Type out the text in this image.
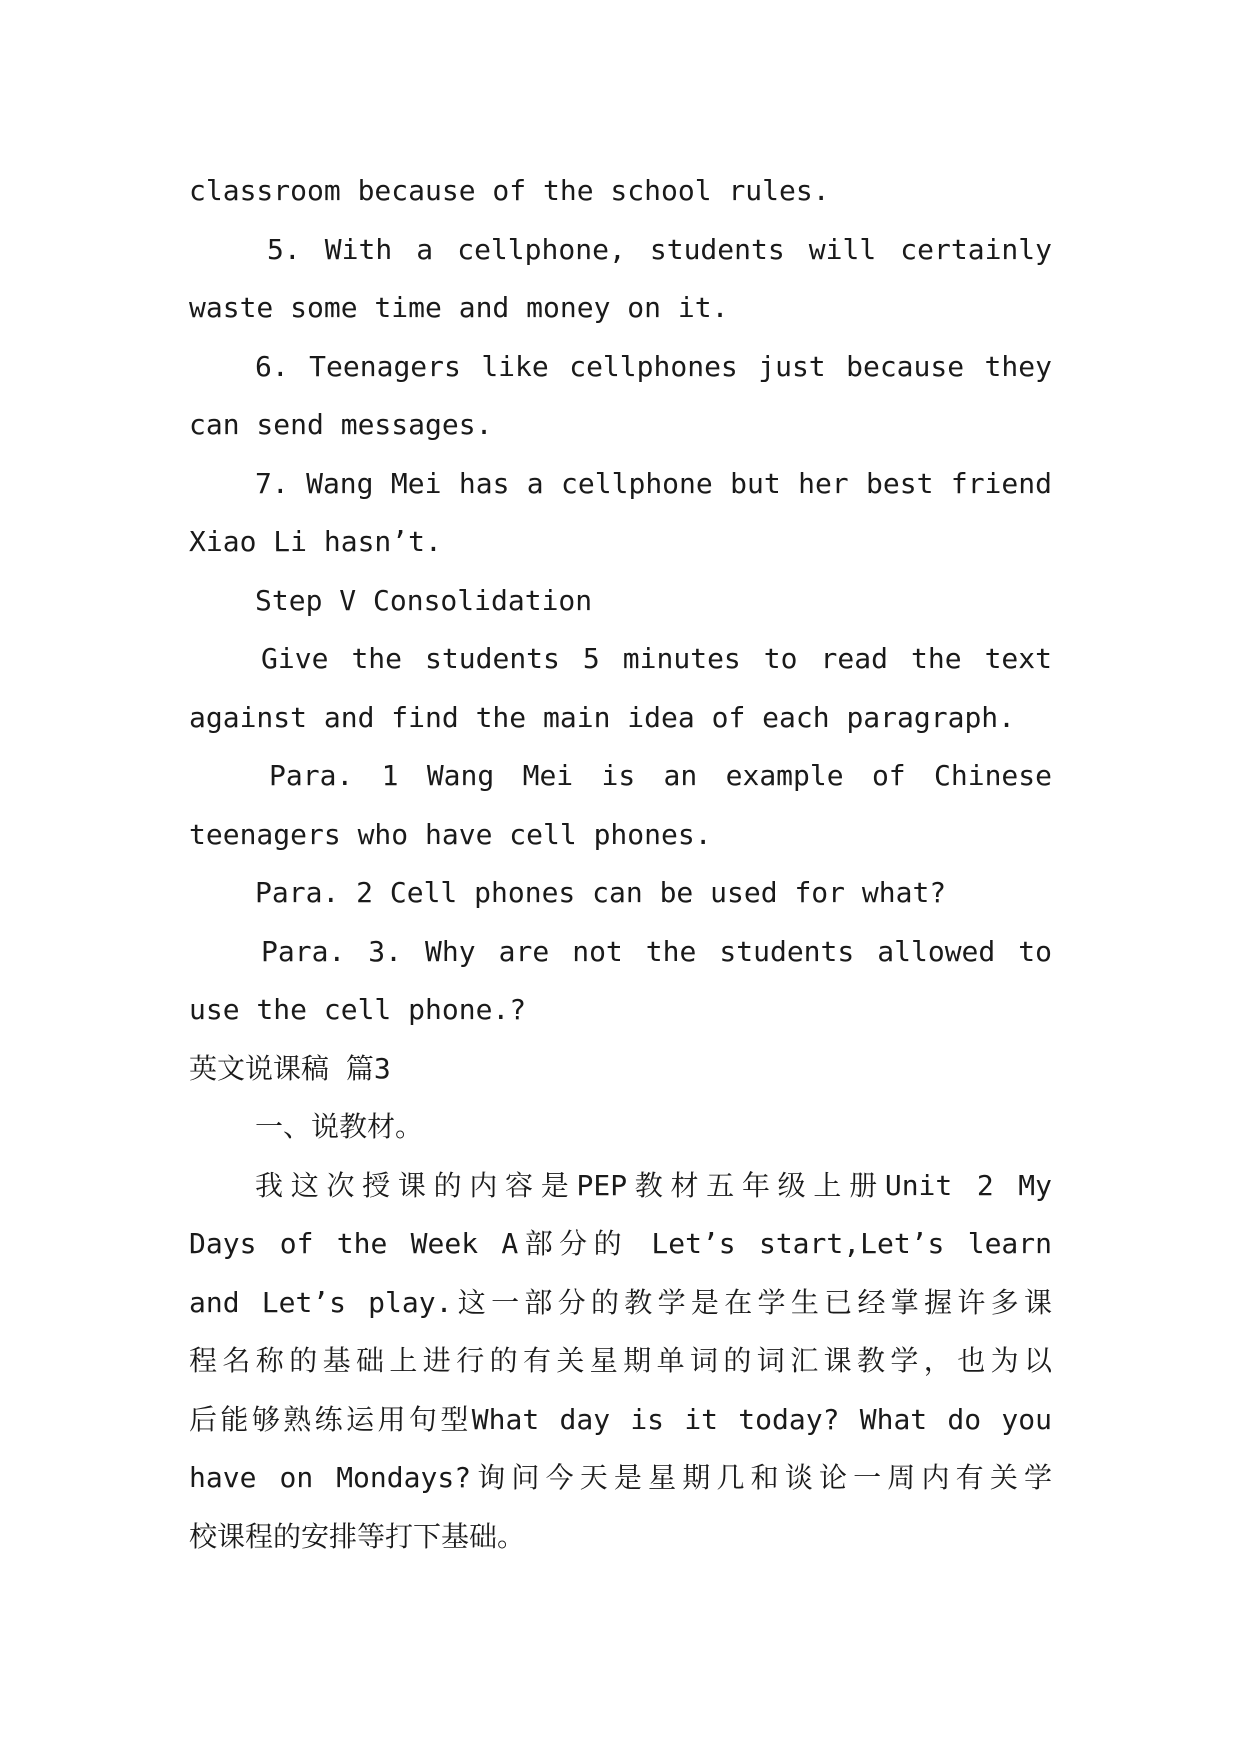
classroom because of the school rules.
5. With a cellphone, students will certainly
waste some time and money on it.
6. Teenagers like cellphones just because they
can send messages.
7. Wang Mei has a cellphone but her best friend
Xiao Li hasn’t.
Step V Consolidation
Give the students 5 minutes to read the text
against and find the main idea of each paragraph.
Para. 1 Wang Mei is an example of Chinese
teenagers who have cell phones.
Para. 2 Cell phones can be used for what?
Para. 3. Why are not the students allowed to
use the cell phone.?
英文说课稿 篇3
一、说教材。
我这次授课的内容是PEP教材五年级上册Unit 2 My
Days of the Week A部分的 Let’s start,Let’s learn
and Let’s play.这一部分的教学是在学生已经掌握许多课
程名称的基础上进行的有关星期单词的词汇课教学，也为以
后能够熟练运用句型What day is it today? What do you
have on Mondays?询问今天是星期几和谈论一周内有关学
校课程的安排等打下基础。
